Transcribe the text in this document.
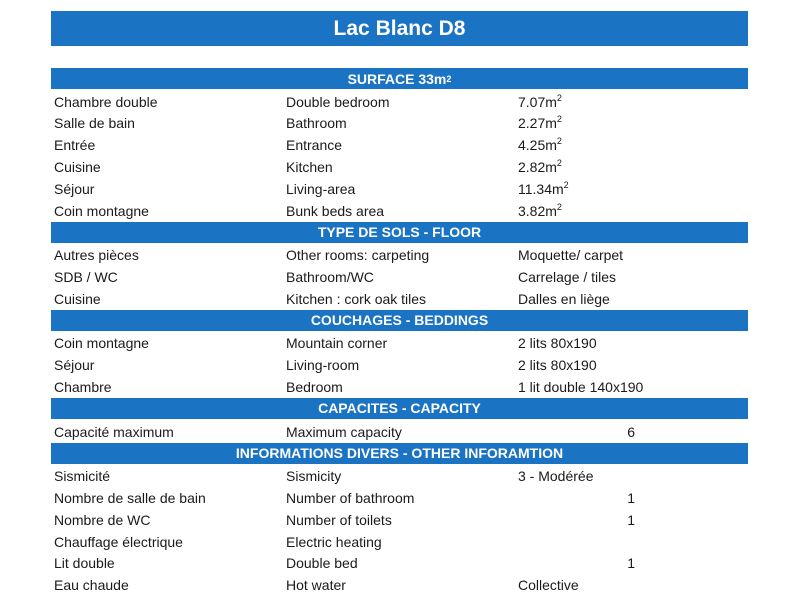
Lac Blanc D8
SURFACE 33m 2
Chambre double	Double bedroom	$7.07m^2$
Salle de bain	Bathroom	$2.27m^2$
Entrée	Entrance	$4.25m^2$
Cuisine	Kitchen	$2.82m^2$
Séjour	Living-area	$11.34m^2$
Coin montagne	Bunk beds area	$3.82m^2$
TYPE DE SOLS - FLOOR
Autres pièces	Other rooms: carpeting	Moquette/ carpet
SDB / WC	Bathroom/WC	Carrelage / tiles
Cuisine	Kitchen : cork oak tiles	Dalles en liège
COUCHAGES - BEDDINGS
Coin montagne	Mountain corner	2 lits 80x190
Séjour	Living-room	2 lits 80x190
Chambre	Bedroom	1 lit double 140x190
CAPACITES - CAPACITY
Capacité maximum	Maximum capacity	6
INFORMATIONS DIVERS - OTHER INFORAMTION
Sismicité	Sismicity	3 - Modérée
Nombre de salle de bain	Number of bathroom	1
Nombre de WC	Number of toilets	1
Chauffage électrique	Electric heating
Lit double	Double bed	1
Eau chaude	Hot water	Collective
